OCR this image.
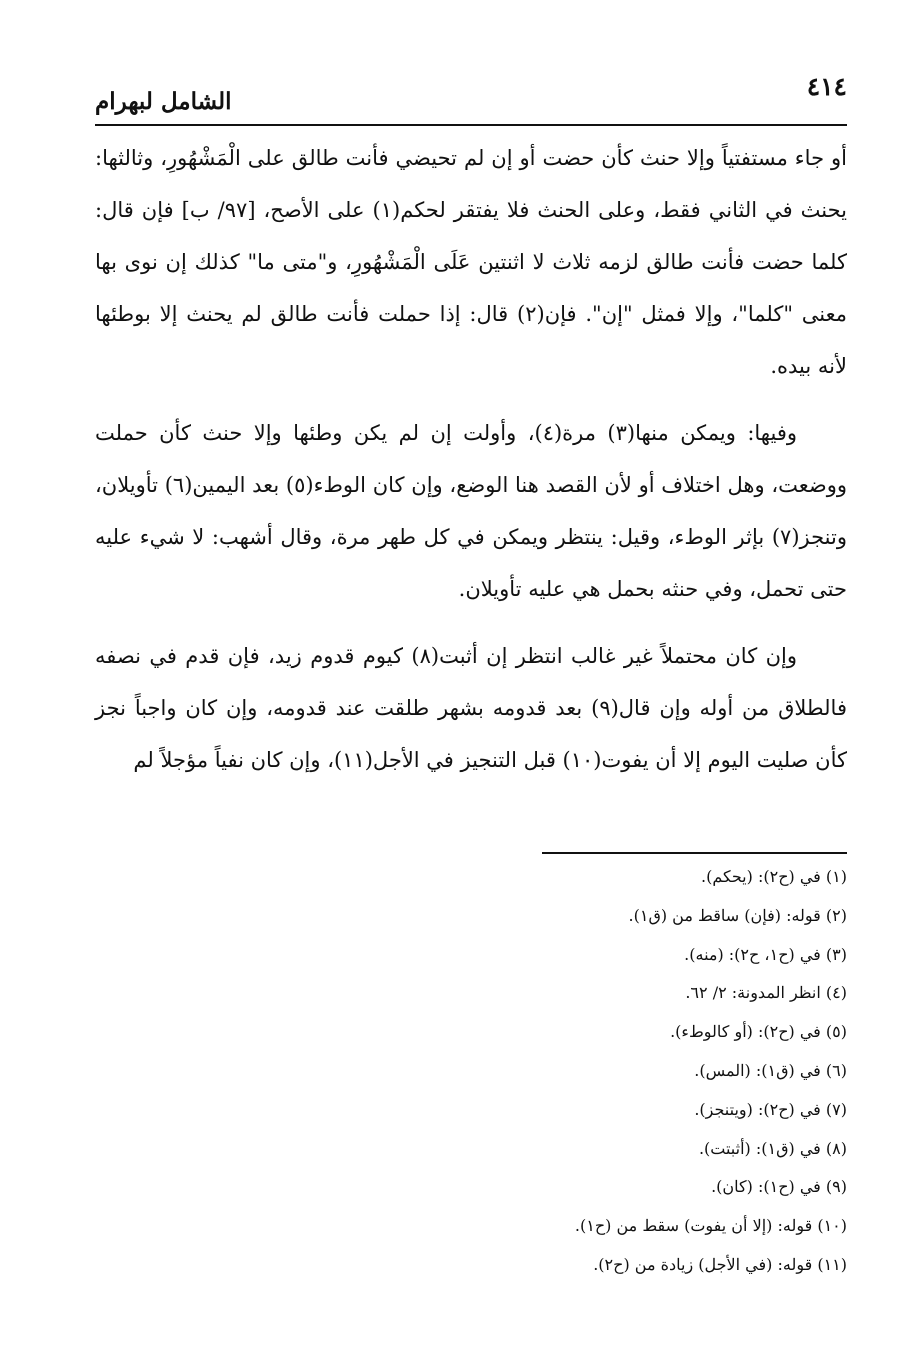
٤١٤
الشامل لبهرام

أو جاء مستفتياً وإلا حنث كأن حضت أو إن لم تحيضي فأنت طالق على الْمَشْهُورِ، وثالثها: يحنث في الثاني فقط، وعلى الحنث فلا يفتقر لحكم(١) على الأصح، [٩٧/ ب] فإن قال: كلما حضت فأنت طالق لزمه ثلاث لا اثنتين عَلَى الْمَشْهُورِ، و"متى ما" كذلك إن نوى بها معنى "كلما"، وإلا فمثل "إن". فإن(٢) قال: إذا حملت فأنت طالق لم يحنث إلا بوطئها لأنه بيده.

وفيها: ويمكن منها(٣) مرة(٤)، وأولت إن لم يكن وطئها وإلا حنث كأن حملت ووضعت، وهل اختلاف أو لأن القصد هنا الوضع، وإن كان الوطء(٥) بعد اليمين(٦) تأويلان، وتنجز(٧) بإثر الوطء، وقيل: ينتظر ويمكن في كل طهر مرة، وقال أشهب: لا شيء عليه حتى تحمل، وفي حنثه بحمل هي عليه تأويلان.

وإن كان محتملاً غير غالب انتظر إن أثبت(٨) كيوم قدوم زيد، فإن قدم في نصفه فالطلاق من أوله وإن قال(٩) بعد قدومه بشهر طلقت عند قدومه، وإن كان واجباً نجز كأن صليت اليوم إلا أن يفوت(١٠) قبل التنجيز في الأجل(١١)، وإن كان نفياً مؤجلاً لم

(١) في (ح٢): (يحكم).
(٢) قوله: (فإن) ساقط من (ق١).
(٣) في (ح١، ح٢): (منه).
(٤) انظر المدونة: ٢/ ٦٢.
(٥) في (ح٢): (أو كالوطء).
(٦) في (ق١): (المس).
(٧) في (ح٢): (ويتنجز).
(٨) في (ق١): (أثبتت).
(٩) في (ح١): (كان).
(١٠) قوله: (إلا أن يفوت) سقط من (ح١).
(١١) قوله: (في الأجل) زيادة من (ح٢).
